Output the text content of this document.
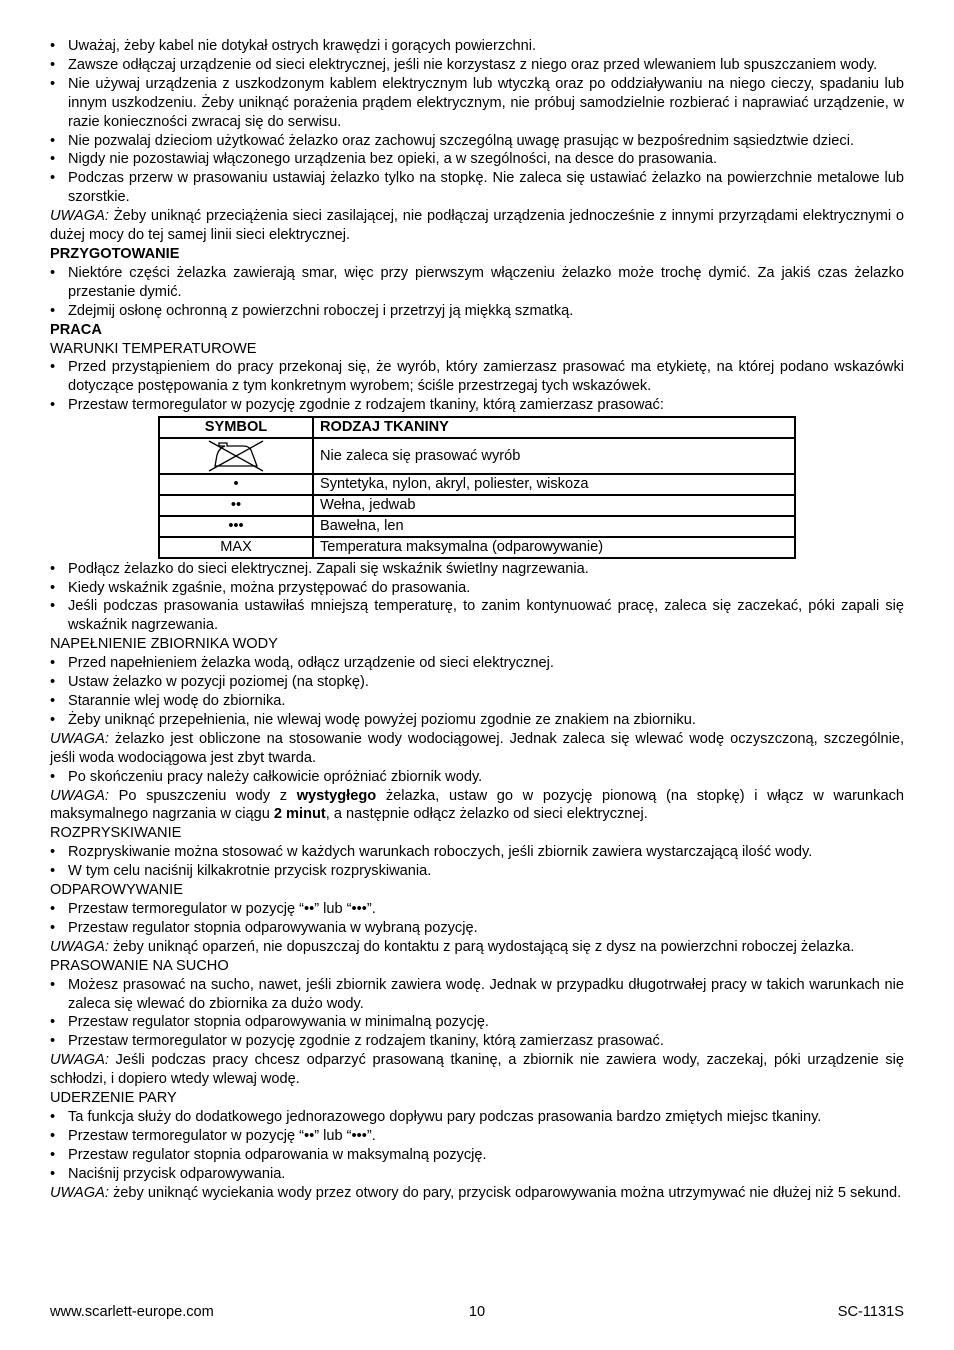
• Uważaj, żeby kabel nie dotykał ostrych krawędzi i gorących powierzchni.
• Zawsze odłączaj urządzenie od sieci elektrycznej, jeśli nie korzystasz z niego oraz przed wlewaniem lub spuszczaniem wody.
• Nie używaj urządzenia z uszkodzonym kablem elektrycznym lub wtyczką oraz po oddziaływaniu na niego cieczy, spadaniu lub innym uszkodzeniu. Żeby uniknąć porażenia prądem elektrycznym, nie próbuj samodzielnie rozbierać i naprawiać urządzenie, w razie konieczności zwracaj się do serwisu.
• Nie pozwalaj dzieciom użytkować żelazko oraz zachowuj szczególną uwagę prasując w bezpośrednim sąsiedztwie dzieci.
• Nigdy nie pozostawiaj włączonego urządzenia bez opieki, a w szególności, na desce do prasowania.
• Podczas przerw w prasowaniu ustawiaj żelazko tylko na stopkę. Nie zaleca się ustawiać żelazko na powierzchnie metalowe lub szorstkie.
UWAGA: Żeby uniknąć przeciążenia sieci zasilającej, nie podłączaj urządzenia jednocześnie z innymi przyrządami elektrycznymi o dużej mocy do tej samej linii sieci elektrycznej.
PRZYGOTOWANIE
• Niektóre części żelazka zawierają smar, więc przy pierwszym włączeniu żelazko może trochę dymić. Za jakiś czas żelazko przestanie dymić.
• Zdejmij osłonę ochronną z powierzchni roboczej i przetrzyj ją miękką szmatką.
PRACA
WARUNKI TEMPERATUROWE
• Przed przystąpieniem do pracy przekonaj się, że wyrób, który zamierzasz prasować ma etykietę, na której podano wskazówki dotyczące postępowania z tym konkretnym wyrobem; ściśle przestrzegaj tych wskazówek.
• Przestaw termoregulator w pozycję zgodnie z rodzajem tkaniny, którą zamierzasz prasować:
SYMBOL	RODZAJ TKANINY

	Nie zaleca się prasować wyrób
•	Syntetyka, nylon, akryl, poliester, wiskoza
••	Wełna, jedwab
•••	Bawełna, len
MAX	Temperatura maksymalna (odparowywanie)
• Podłącz żelazko do sieci elektrycznej. Zapali się wskaźnik świetlny nagrzewania.
• Kiedy wskaźnik zgaśnie, można przystępować do prasowania.
• Jeśli podczas prasowania ustawiłaś mniejszą temperaturę, to zanim kontynuować pracę, zaleca się zaczekać, póki zapali się wskaźnik nagrzewania.
NAPEŁNIENIE ZBIORNIKA WODY
• Przed napełnieniem żelazka wodą, odłącz urządzenie od sieci elektrycznej.
• Ustaw żelazko w pozycji poziomej (na stopkę).
• Starannie wlej wodę do zbiornika.
• Żeby uniknąć przepełnienia, nie wlewaj wodę powyżej poziomu zgodnie ze znakiem na zbiorniku.
UWAGA: żelazko jest obliczone na stosowanie wody wodociągowej. Jednak zaleca się wlewać wodę oczyszczoną, szczególnie, jeśli woda wodociągowa jest zbyt twarda.
• Po skończeniu pracy należy całkowicie opróżniać zbiornik wody.
UWAGA: Po spuszczeniu wody z wystygłego żelazka, ustaw go w pozycję pionową (na stopkę) i włącz w warunkach maksymalnego nagrzania w ciągu 2 minut, a następnie odłącz żelazko od sieci elektrycznej.
ROZPRYSKIWANIE
• Rozpryskiwanie można stosować w każdych warunkach roboczych, jeśli zbiornik zawiera wystarczającą ilość wody.
• W tym celu naciśnij kilkakrotnie przycisk rozpryskiwania.
ODPAROWYWANIE
• Przestaw termoregulator w pozycję “••” lub “•••”.
• Przestaw regulator stopnia odparowywania w wybraną pozycję.
UWAGA: żeby uniknąć oparzeń, nie dopuszczaj do kontaktu z parą wydostającą się z dysz na powierzchni roboczej żelazka.
PRASOWANIE NA SUCHO
• Możesz prasować na sucho, nawet, jeśli zbiornik zawiera wodę. Jednak w przypadku długotrwałej pracy w takich warunkach nie zaleca się wlewać do zbiornika za dużo wody.
• Przestaw regulator stopnia odparowywania w minimalną pozycję.
• Przestaw termoregulator w pozycję zgodnie z rodzajem tkaniny, którą zamierzasz prasować.
UWAGA: Jeśli podczas pracy chcesz odparzyć prasowaną tkaninę, a zbiornik nie zawiera wody, zaczekaj, póki urządzenie się schłodzi, i dopiero wtedy wlewaj wodę.
UDERZENIE PARY
• Ta funkcja służy do dodatkowego jednorazowego dopływu pary podczas prasowania bardzo zmiętych miejsc tkaniny.
• Przestaw termoregulator w pozycję “••” lub “•••”.
• Przestaw regulator stopnia odparowania w maksymalną pozycję.
• Naciśnij przycisk odparowywania.
UWAGA: żeby uniknąć wyciekania wody przez otwory do pary, przycisk odparowywania można utrzymywać nie dłużej niż 5 sekund.
www.scarlett-europe.com	10	SC-1131S
